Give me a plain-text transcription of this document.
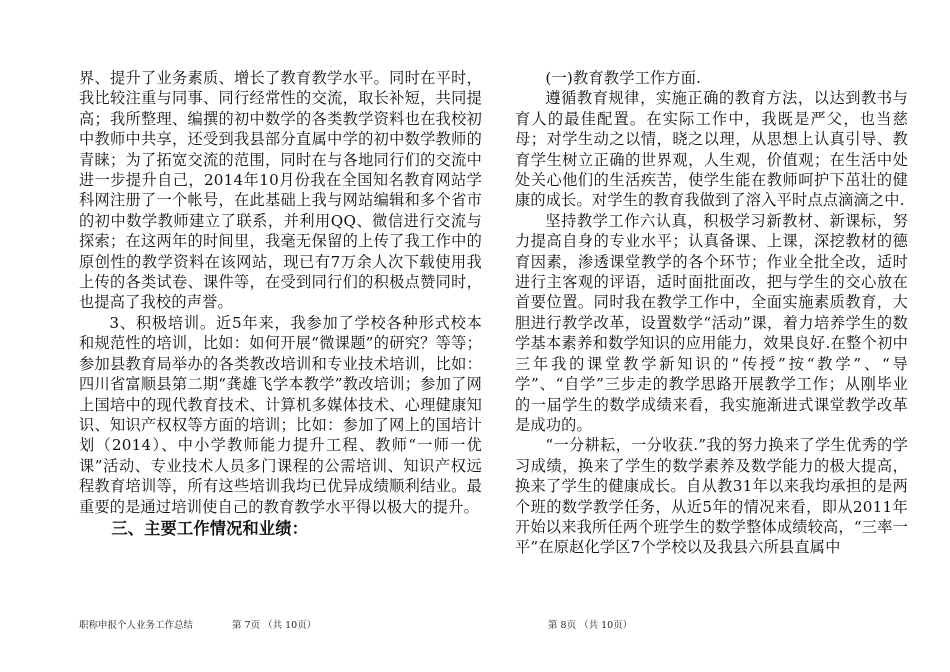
界、提升了业务素质、增长了教育教学水平。同时在平时，我比较注重与同事、同行经常性的交流，取长补短，共同提高；我所整理、编撰的初中数学的各类教学资料也在我校初中教师中共享，还受到我县部分直属中学的初中数学教师的青睐；为了拓宽交流的范围，同时在与各地同行们的交流中进一步提升自己，2014年10月份我在全国知名教育网站学科网注册了一个帐号，在此基础上我与网站编辑和多个省市的初中数学教师建立了联系，并利用QQ、微信进行交流与探索；在这两年的时间里，我毫无保留的上传了我工作中的原创性的教学资料在该网站，现已有7万余人次下载使用我上传的各类试卷、课件等，在受到同行们的积极点赞同时，也提高了我校的声誉。

3、积极培训。近5年来，我参加了学校各种形式校本和规范性的培训，比如：如何开展“微课题”的研究？等等；参加县教育局举办的各类教改培训和专业技术培训，比如：四川省富顺县第二期“龚雄飞学本教学”教改培训；参加了网上国培中的现代教育技术、计算机多媒体技术、心理健康知识、知识产权权等方面的培训；比如：参加了网上的国培计划（2014）、中小学教师能力提升工程、教师“一师一优课”活动、专业技术人员多门课程的公需培训、知识产权远程教育培训等，所有这些培训我均已优异成绩顺利结业。最重要的是通过培训使自己的教育教学水平得以极大的提升。

三、主要工作情况和业绩：

(一)教育教学工作方面.

遵循教育规律，实施正确的教育方法，以达到教书与育人的最佳配置。在实际工作中，我既是严父，也当慈母；对学生动之以情，晓之以理，从思想上认真引导、教育学生树立正确的世界观，人生观，价值观；在生活中处处关心他们的生活疾苦，使学生能在教师呵护下茁壮的健康的成长。对学生的教育我做到了溶入平时点点滴滴之中.

坚持教学工作六认真，积极学习新教材、新课标，努力提高自身的专业水平；认真备课、上课，深挖教材的德育因素，渗透课堂教学的各个环节；作业全批全改，适时进行主客观的评语，适时面批面改，把与学生的交心放在首要位置。同时我在教学工作中，全面实施素质教育，大胆进行教学改革，设置数学“活动”课，着力培养学生的数学基本素养和数学知识的应用能力，效果良好.在整个初中三年我的课堂教学新知识的“传授”按“教学”、“导学”、“自学”三步走的教学思路开展教学工作；从刚毕业的一届学生的数学成绩来看，我实施渐进式课堂教学改革是成功的。

“一分耕耘，一分收获.”我的努力换来了学生优秀的学习成绩，换来了学生的数学素养及数学能力的极大提高，换来了学生的健康成长。自从教31年以来我均承担的是两个班的数学教学任务，从近5年的情况来看，即从2011年开始以来我所任两个班学生的数学整体成绩较高，“三率一平”在原赵化学区7个学校以及我县六所县直属中

职称申报个人业务工作总结	第 7页 （共 10页）	第 8页 （共 10页）
